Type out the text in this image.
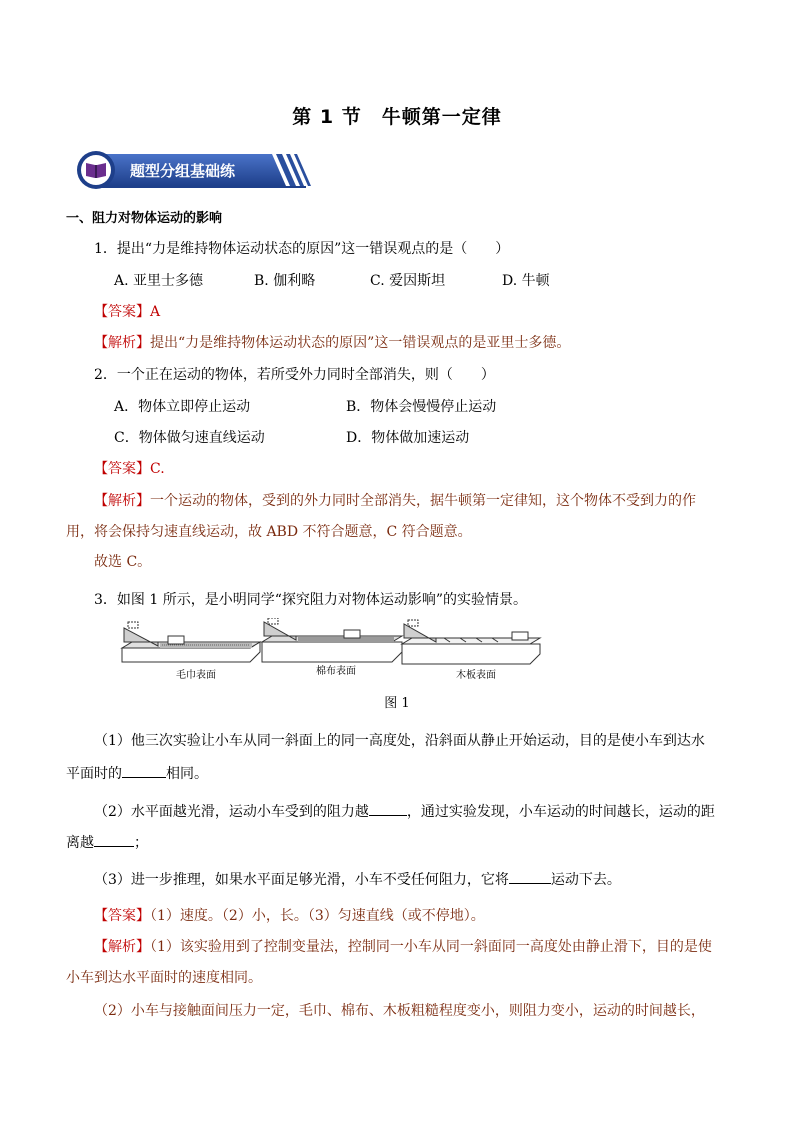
第 1 节　牛顿第一定律
题型分组基础练
一、阻力对物体运动的影响
1．提出“力是维持物体运动状态的原因”这一错误观点的是（　　）
A. 亚里士多德	B. 伽利略	C. 爱因斯坦	D. 牛顿
【答案】A
【解析】提出“力是维持物体运动状态的原因”这一错误观点的是亚里士多德。
2．一个正在运动的物体，若所受外力同时全部消失，则（　　）
A．物体立即停止运动	B．物体会慢慢停止运动
C．物体做匀速直线运动	D．物体做加速运动
【答案】C.
【解析】一个运动的物体，受到的外力同时全部消失，据牛顿第一定律知，这个物体不受到力的作
用，将会保持匀速直线运动，故 ABD 不符合题意，C 符合题意。
故选 C。
3．如图 1 所示，是小明同学“探究阻力对物体运动影响”的实验情景。
毛巾表面	棉布表面	木板表面
图 1
（1）他三次实验让小车从同一斜面上的同一高度处，沿斜面从静止开始运动，目的是使小车到达水
平面时的	相同。
（2）水平面越光滑，运动小车受到的阻力越	，通过实验发现，小车运动的时间越长，运动的距
离越	；
（3）进一步推理，如果水平面足够光滑，小车不受任何阻力，它将	运动下去。
【答案】（1）速度。（2）小，长。（3）匀速直线（或不停地）。
【解析】（1）该实验用到了控制变量法，控制同一小车从同一斜面同一高度处由静止滑下，目的是使
小车到达水平面时的速度相同。
（2）小车与接触面间压力一定，毛巾、棉布、木板粗糙程度变小，则阻力变小，运动的时间越长，
